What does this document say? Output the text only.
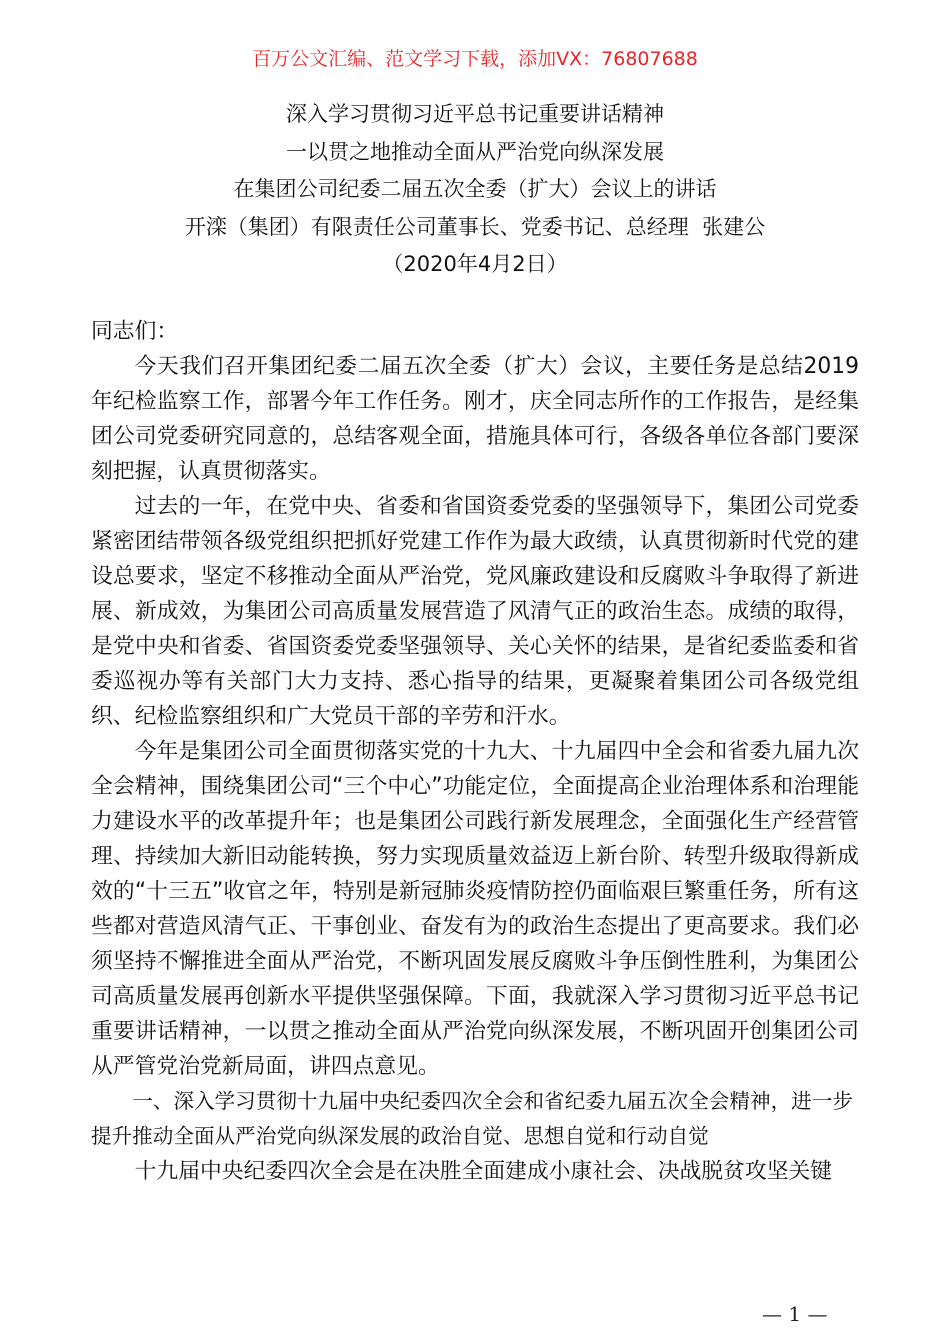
百万公文汇编、范文学习下载，添加VX：76807688
深入学习贯彻习近平总书记重要讲话精神
一以贯之地推动全面从严治党向纵深发展
在集团公司纪委二届五次全委（扩大）会议上的讲话
开滦（集团）有限责任公司董事长、党委书记、总经理  张建公
（2020年4月2日）
同志们：

今天我们召开集团纪委二届五次全委（扩大）会议，主要任务是总结2019年纪检监察工作，部署今年工作任务。刚才，庆全同志所作的工作报告，是经集团公司党委研究同意的，总结客观全面，措施具体可行，各级各单位各部门要深刻把握，认真贯彻落实。

过去的一年，在党中央、省委和省国资委党委的坚强领导下，集团公司党委紧密团结带领各级党组织把抓好党建工作作为最大政绩，认真贯彻新时代党的建设总要求，坚定不移推动全面从严治党，党风廉政建设和反腐败斗争取得了新进展、新成效，为集团公司高质量发展营造了风清气正的政治生态。成绩的取得，是党中央和省委、省国资委党委坚强领导、关心关怀的结果，是省纪委监委和省委巡视办等有关部门大力支持、悉心指导的结果，更凝聚着集团公司各级党组织、纪检监察组织和广大党员干部的辛劳和汗水。

今年是集团公司全面贯彻落实党的十九大、十九届四中全会和省委九届九次全会精神，围绕集团公司“三个中心”功能定位，全面提高企业治理体系和治理能力建设水平的改革提升年；也是集团公司践行新发展理念，全面强化生产经营管理、持续加大新旧动能转换，努力实现质量效益迈上新台阶、转型升级取得新成效的“十三五”收官之年，特别是新冠肺炎疫情防控仍面临艰巨繁重任务，所有这些都对营造风清气正、干事创业、奋发有为的政治生态提出了更高要求。我们必须坚持不懈推进全面从严治党，不断巩固发展反腐败斗争压倒性胜利，为集团公司高质量发展再创新水平提供坚强保障。下面，我就深入学习贯彻习近平总书记重要讲话精神，一以贯之推动全面从严治党向纵深发展，不断巩固开创集团公司从严管党治党新局面，讲四点意见。

一、深入学习贯彻十九届中央纪委四次全会和省纪委九届五次全会精神，进一步提升推动全面从严治党向纵深发展的政治自觉、思想自觉和行动自觉

十九届中央纪委四次全会是在决胜全面建成小康社会、决战脱贫攻坚关键

— 1 —
